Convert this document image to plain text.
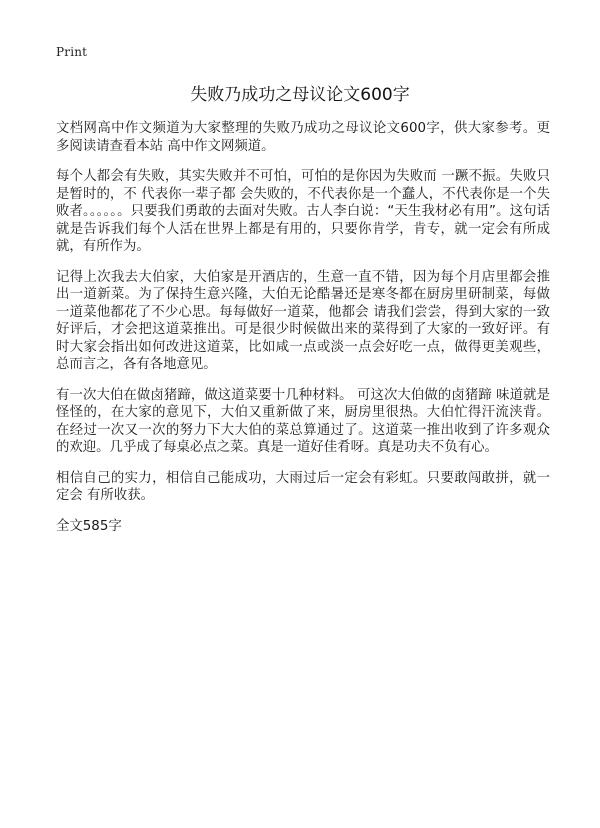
Print
失败乃成功之母议论文600字

文档网高中作文频道为大家整理的失败乃成功之母议论文600字，供大家参考。更多阅读请查看本站 高中作文网频道。

每个人都会有失败，其实失败并不可怕，可怕的是你因为失败而 一蹶不振。失败只是暂时的，不 代表你一辈子都 会失败的，不代表你是一个蠢人，不代表你是一个失败者。。。。。。只要我们勇敢的去面对失败。古人李白说：“天生我材必有用”。这句话就是告诉我们每个人活在世界上都是有用的，只要你肯学，肯专，就一定会有所成就，有所作为。

记得上次我去大伯家，大伯家是开酒店的，生意一直不错，因为每个月店里都会推出一道新菜。为了保持生意兴隆，大伯无论酷暑还是寒冬都在厨房里研制菜，每做一道菜他都花了不少心思。每每做好一道菜，他都会 请我们尝尝，得到大家的一致好评后，才会把这道菜推出。可是很少时候做出来的菜得到了大家的一致好评。有时大家会指出如何改进这道菜，比如咸一点或淡一点会好吃一点，做得更美观些，总而言之，各有各地意见。

有一次大伯在做卤猪蹄，做这道菜要十几种材料。 可这次大伯做的卤猪蹄 味道就是怪怪的，在大家的意见下，大伯又重新做了来，厨房里很热。大伯忙得汗流浃背。在经过一次又一次的努力下大大伯的菜总算通过了。这道菜一推出收到了许多观众的欢迎。几乎成了每桌必点之菜。真是一道好佳肴呀。真是功夫不负有心。

相信自己的实力，相信自己能成功，大雨过后一定会有彩虹。只要敢闯敢拼，就一定会 有所收获。

全文585字
